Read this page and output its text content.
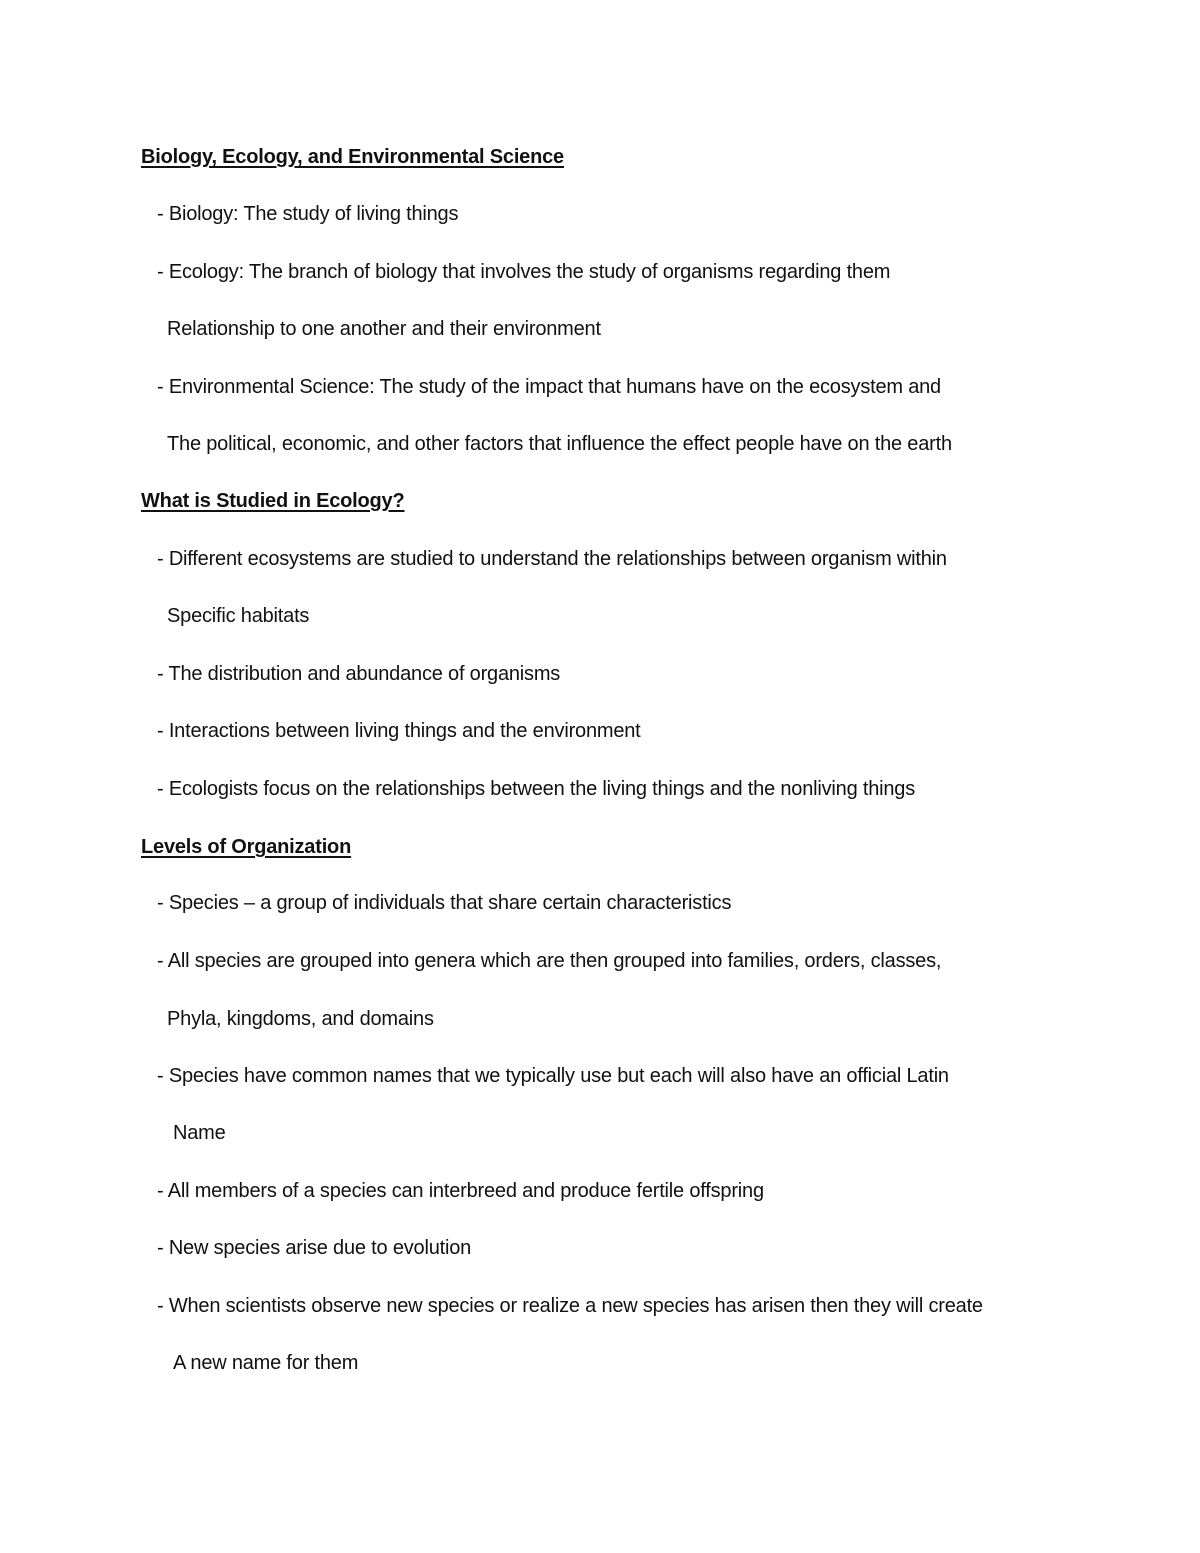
Biology, Ecology, and Environmental Science
- Biology: The study of living things
- Ecology: The branch of biology that involves the study of organisms regarding them
Relationship to one another and their environment
- Environmental Science: The study of the impact that humans have on the ecosystem and
The political, economic, and other factors that influence the effect people have on the earth
What is Studied in Ecology?
- Different ecosystems are studied to understand the relationships between organism within
Specific habitats
- The distribution and abundance of organisms
- Interactions between living things and the environment
- Ecologists focus on the relationships between the living things and the nonliving things
Levels of Organization
- Species – a group of individuals that share certain characteristics
- All species are grouped into genera which are then grouped into families, orders, classes,
Phyla, kingdoms, and domains
- Species have common names that we typically use but each will also have an official Latin
Name
- All members of a species can interbreed and produce fertile offspring
- New species arise due to evolution
- When scientists observe new species or realize a new species has arisen then they will create
A new name for them
